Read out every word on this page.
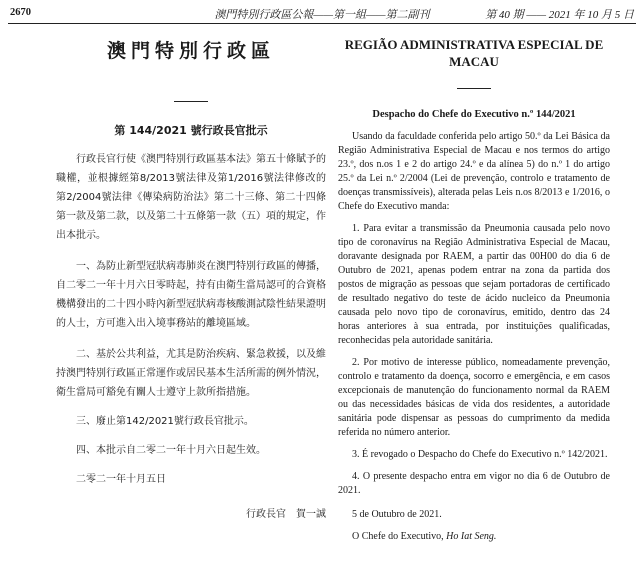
2670	澳門特別行政區公報——第一組——第二副刊	第 40 期 —— 2021 年 10 月 5 日
澳門特別行政區
第 144/2021 號行政長官批示

行政長官行使《澳門特別行政區基本法》第五十條賦予的職權，並根據經第8/2013號法律及第1/2016號法律修改的第2/2004號法律《傳染病防治法》第二十三條、第二十四條第一款及第二款，以及第二十五條第一款（五）項的規定，作出本批示。

一、為防止新型冠狀病毒肺炎在澳門特別行政區的傳播，自二零二一年十月六日零時起，持有由衛生當局認可的合資格機構發出的二十四小時內新型冠狀病毒核酸測試陰性結果證明的人士，方可進入出入境事務站的離境區域。

二、基於公共利益，尤其是防治疾病、緊急救援，以及維持澳門特別行政區正常運作或居民基本生活所需的例外情況，衛生當局可豁免有關人士遵守上款所指措施。

三、廢止第142/2021號行政長官批示。

四、本批示自二零二一年十月六日起生效。

二零二一年十月五日

行政長官　賀一誠
REGIÃO ADMINISTRATIVA ESPECIAL DE MACAU
Despacho do Chefe do Executivo n.º 144/2021

Usando da faculdade conferida pelo artigo 50.º da Lei Básica da Região Administrativa Especial de Macau e nos termos do artigo 23.º, dos n.os 1 e 2 do artigo 24.º e da alínea 5) do n.º 1 do artigo 25.º da Lei n.º 2/2004 (Lei de prevenção, controlo e tratamento de doenças transmissíveis), alterada pelas Leis n.os 8/2013 e 1/2016, o Chefe do Executivo manda:

1. Para evitar a transmissão da Pneumonia causada pelo novo tipo de coronavírus na Região Administrativa Especial de Macau, doravante designada por RAEM, a partir das 00H00 do dia 6 de Outubro de 2021, apenas podem entrar na zona da partida dos postos de migração as pessoas que sejam portadoras de certificado de resultado negativo do teste de ácido nucleico da Pneumonia causada pelo novo tipo de coronavírus, emitido, dentro das 24 horas anteriores à sua entrada, por instituições qualificadas, reconhecidas pela autoridade sanitária.

2. Por motivo de interesse público, nomeadamente prevenção, controlo e tratamento da doença, socorro e emergência, e em casos excepcionais de manutenção do funcionamento normal da RAEM ou das necessidades básicas de vida dos residentes, a autoridade sanitária pode dispensar as pessoas do cumprimento da medida referida no número anterior.

3. É revogado o Despacho do Chefe do Executivo n.º 142/2021.

4. O presente despacho entra em vigor no dia 6 de Outubro de 2021.

5 de Outubro de 2021.

O Chefe do Executivo, Ho Iat Seng.
